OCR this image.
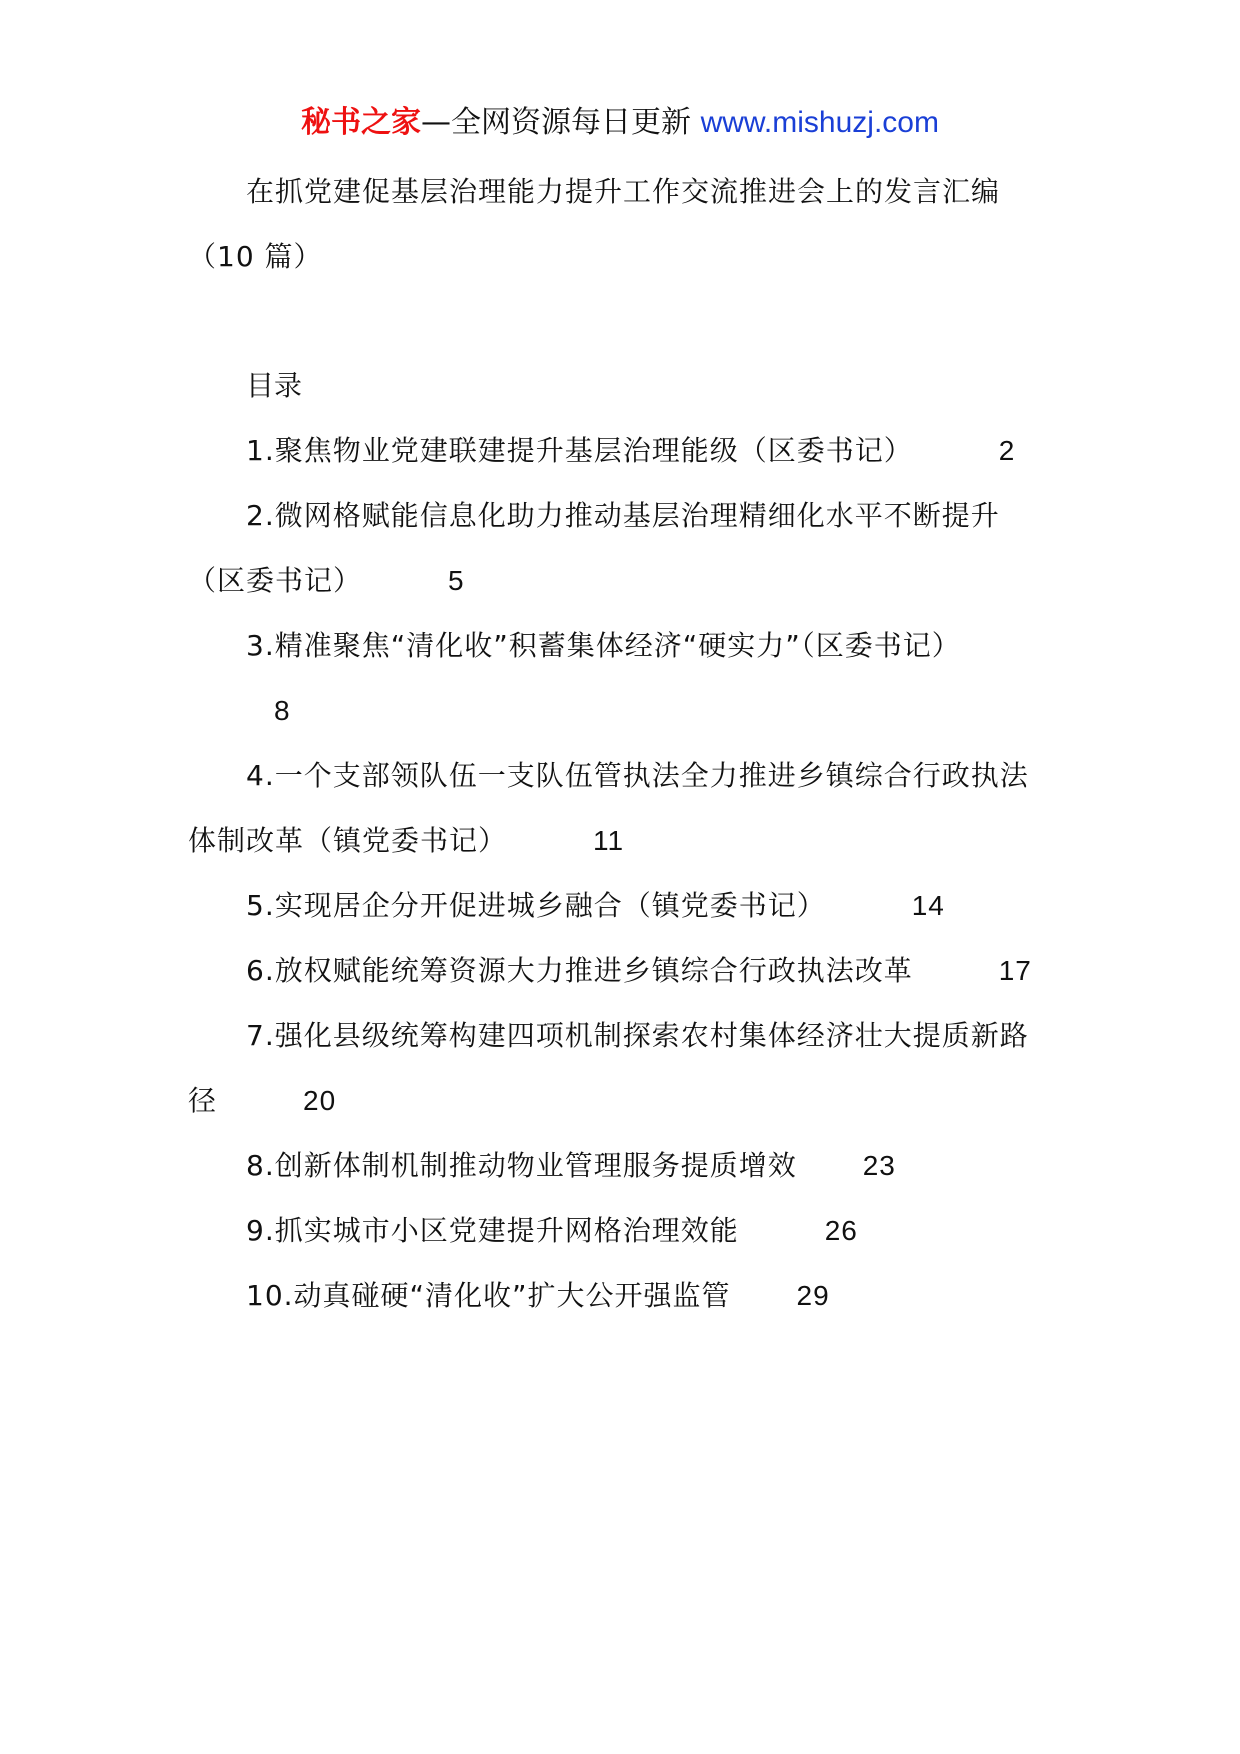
秘书之家—全网资源每日更新 www.mishuzj.com

在抓党建促基层治理能力提升工作交流推进会上的发言汇编（10 篇）

目录

1.聚焦物业党建联建提升基层治理能级（区委书记）	2

2.微网格赋能信息化助力推动基层治理精细化水平不断提升（区委书记）	5

3.精准聚焦“清化收”积蓄集体经济“硬实力”（区委书记）8

4.一个支部领队伍一支队伍管执法全力推进乡镇综合行政执法体制改革（镇党委书记）	11

5.实现居企分开促进城乡融合（镇党委书记）	14

6.放权赋能统筹资源大力推进乡镇综合行政执法改革	17

7.强化县级统筹构建四项机制探索农村集体经济壮大提质新路径	20

8.创新体制机制推动物业管理服务提质增效 23

9.抓实城市小区党建提升网格治理效能	26

10.动真碰硬“清化收”扩大公开强监管 29
